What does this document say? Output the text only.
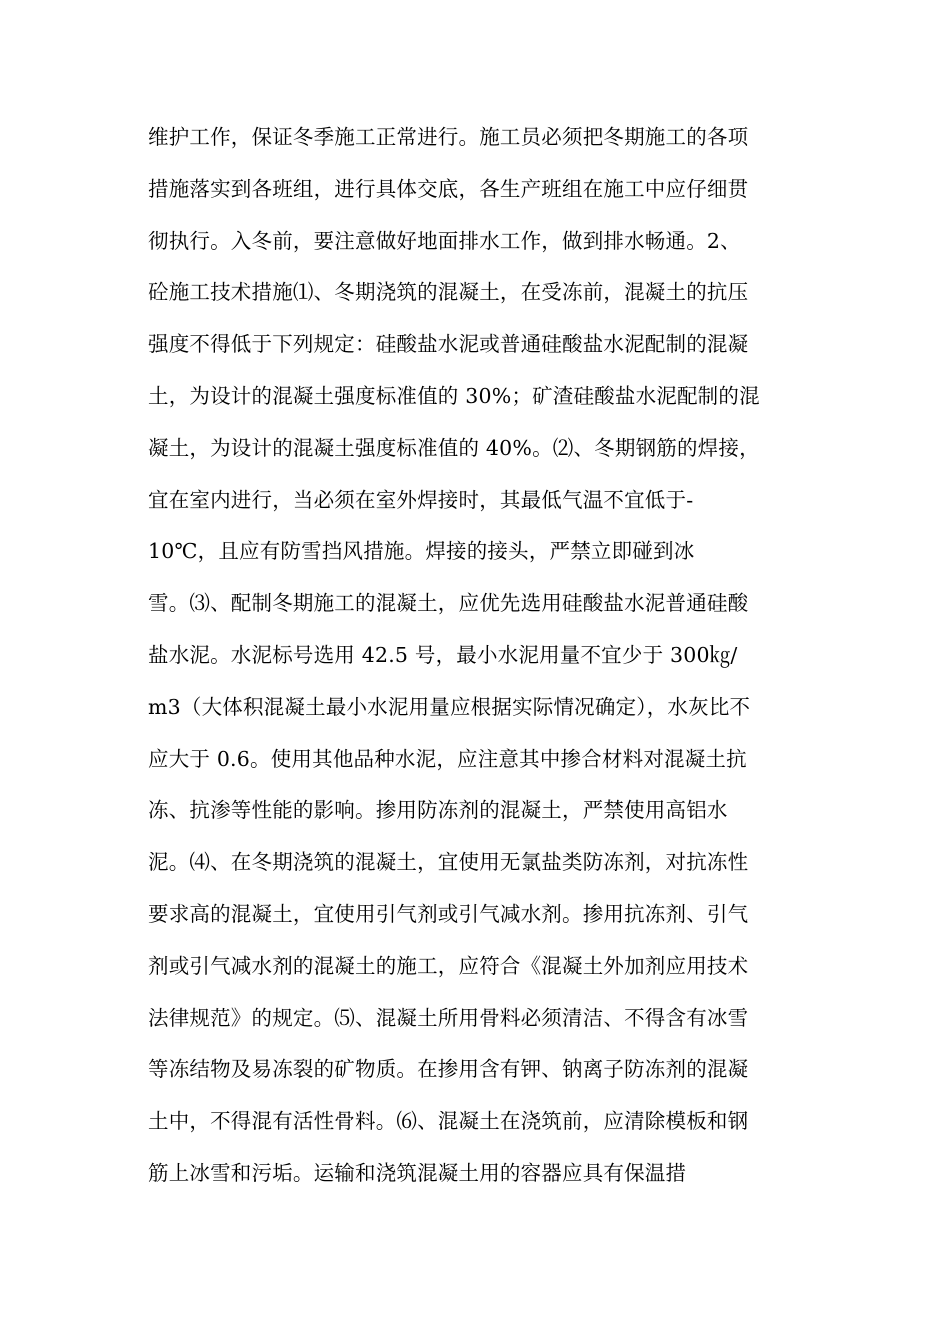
维护工作，保证冬季施工正常进行。施工员必须把冬期施工的各项
措施落实到各班组，进行具体交底，各生产班组在施工中应仔细贯
彻执行。入冬前，要注意做好地面排水工作，做到排水畅通。2、
砼施工技术措施⑴、冬期浇筑的混凝土，在受冻前，混凝土的抗压
强度不得低于下列规定：硅酸盐水泥或普通硅酸盐水泥配制的混凝
土，为设计的混凝土强度标准值的 30%；矿渣硅酸盐水泥配制的混
凝土，为设计的混凝土强度标准值的 40%。⑵、冬期钢筋的焊接，
宜在室内进行，当必须在室外焊接时，其最低气温不宜低于-
10℃，且应有防雪挡风措施。焊接的接头，严禁立即碰到冰
雪。⑶、配制冬期施工的混凝土，应优先选用硅酸盐水泥普通硅酸
盐水泥。水泥标号选用 42.5 号，最小水泥用量不宜少于 300㎏/
m3（大体积混凝土最小水泥用量应根据实际情况确定），水灰比不
应大于 0.6。使用其他品种水泥，应注意其中掺合材料对混凝土抗
冻、抗渗等性能的影响。掺用防冻剂的混凝土，严禁使用高铝水
泥。⑷、在冬期浇筑的混凝土，宜使用无氯盐类防冻剂，对抗冻性
要求高的混凝土，宜使用引气剂或引气减水剂。掺用抗冻剂、引气
剂或引气减水剂的混凝土的施工，应符合《混凝土外加剂应用技术
法律规范》的规定。⑸、混凝土所用骨料必须清洁、不得含有冰雪
等冻结物及易冻裂的矿物质。在掺用含有钾、钠离子防冻剂的混凝
土中，不得混有活性骨料。⑹、混凝土在浇筑前，应清除模板和钢
筋上冰雪和污垢。运输和浇筑混凝土用的容器应具有保温措
